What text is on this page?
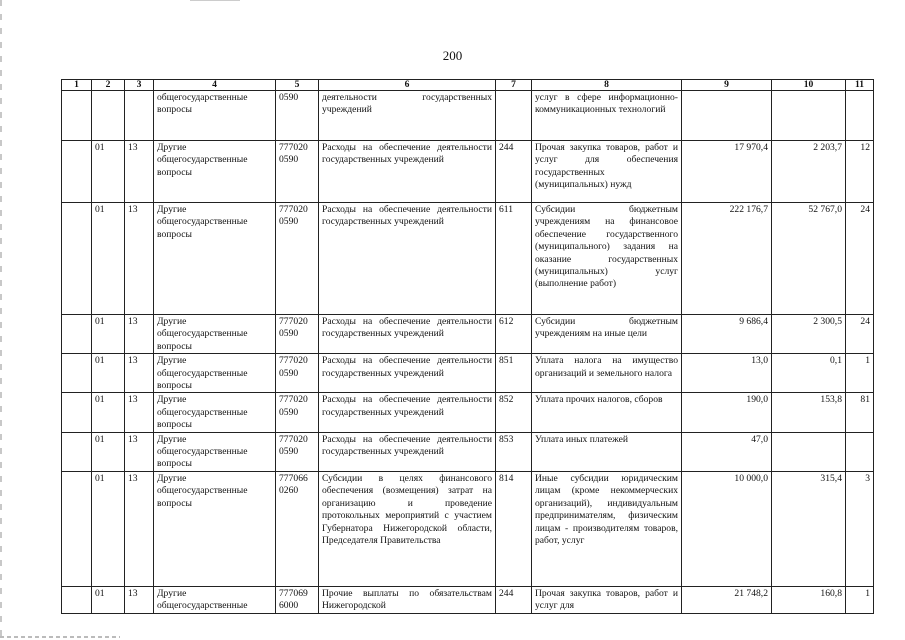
200
1	2	3	4	5	6	7	8	9	10	11
			общегосударственные вопросы	0590	деятельности государственных учреждений		услуг в сфере информационно-коммуникационных технологий			
	01	13	Другие общегосударственные вопросы	777020 0590	Расходы на обеспечение деятельности государственных учреждений	244	Прочая закупка товаров, работ и услуг для обеспечения государственных (муниципальных) нужд	17 970,4	2 203,7	12
	01	13	Другие общегосударственные вопросы	777020 0590	Расходы на обеспечение деятельности государственных учреждений	611	Субсидии бюджетным учреждениям на финансовое обеспечение государственного (муниципального) задания на оказание государственных (муниципальных) услуг (выполнение работ)	222 176,7	52 767,0	24
	01	13	Другие общегосударственные вопросы	777020 0590	Расходы на обеспечение деятельности государственных учреждений	612	Субсидии бюджетным учреждениям на иные цели	9 686,4	2 300,5	24
	01	13	Другие общегосударственные вопросы	777020 0590	Расходы на обеспечение деятельности государственных учреждений	851	Уплата налога на имущество организаций и земельного налога	13,0	0,1	1
	01	13	Другие общегосударственные вопросы	777020 0590	Расходы на обеспечение деятельности государственных учреждений	852	Уплата прочих налогов, сборов	190,0	153,8	81
	01	13	Другие общегосударственные вопросы	777020 0590	Расходы на обеспечение деятельности государственных учреждений	853	Уплата иных платежей	47,0		
	01	13	Другие общегосударственные вопросы	777066 0260	Субсидии в целях финансового обеспечения (возмещения) затрат на организацию и проведение протокольных мероприятий с участием Губернатора Нижегородской области, Председателя Правительства	814	Иные субсидии юридическим лицам (кроме некоммерческих организаций), индивидуальным предпринимателям, физическим лицам - производителям товаров, работ, услуг	10 000,0	315,4	3
	01	13	Другие общегосударственные	777069 6000	Прочие выплаты по обязательствам Нижегородской	244	Прочая закупка товаров, работ и услуг для	21 748,2	160,8	1
